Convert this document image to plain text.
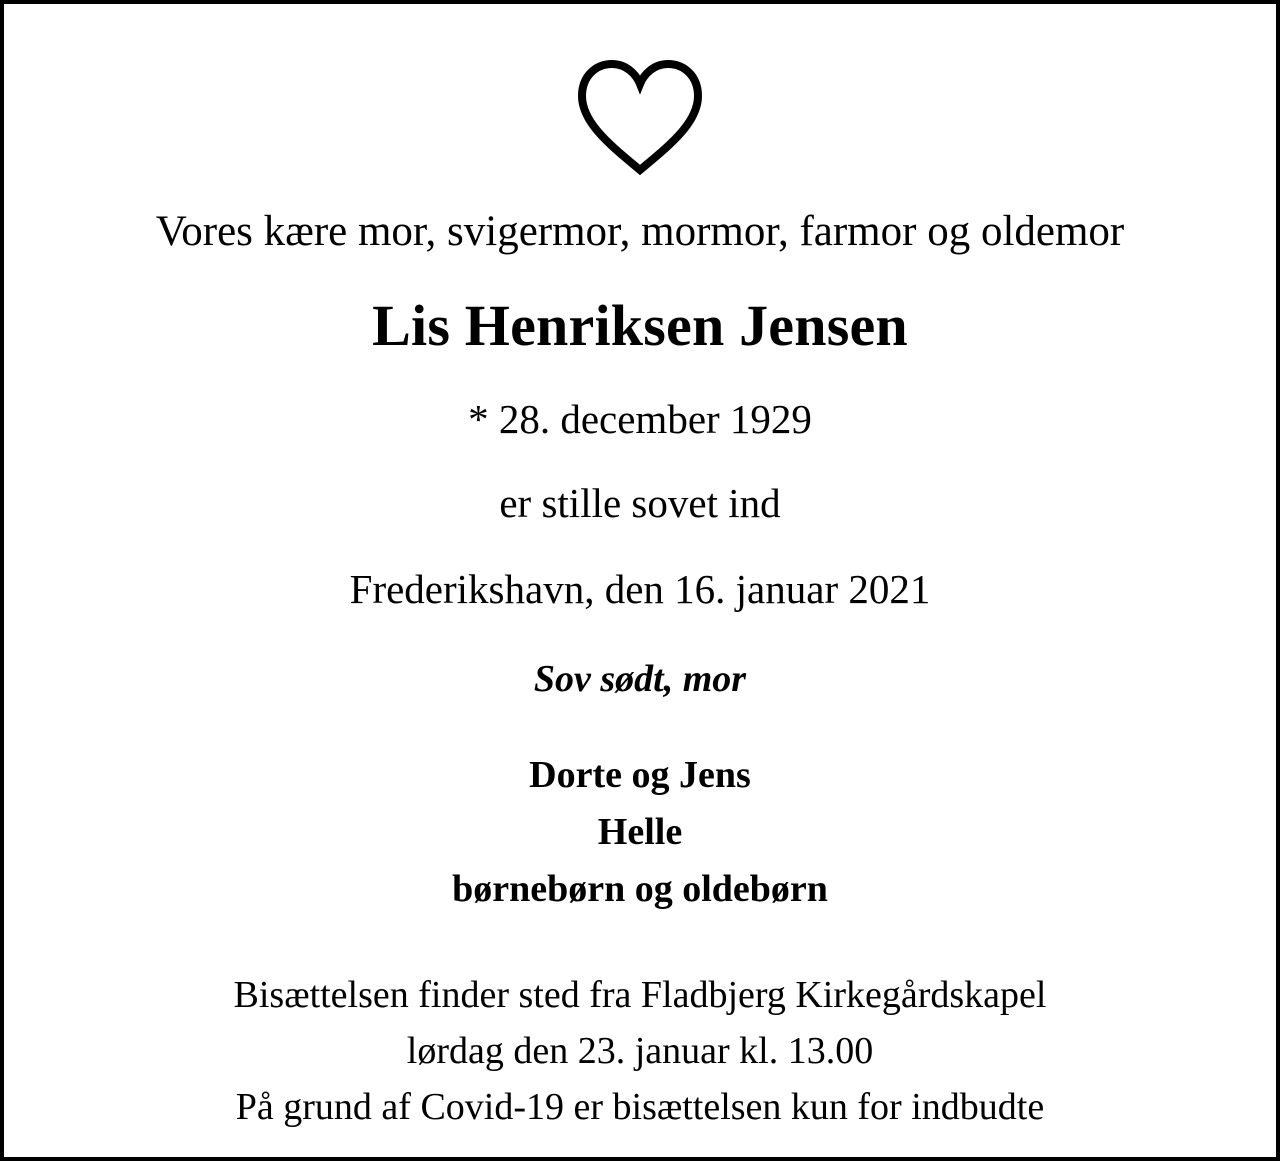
Vores kære mor, svigermor, mormor, farmor og oldemor
Lis Henriksen Jensen
* 28. december 1929
er stille sovet ind
Frederikshavn, den 16. januar 2021
Sov sødt, mor
Dorte og Jens
Helle
børnebørn og oldebørn
Bisættelsen finder sted fra Fladbjerg Kirkegårdskapel
lørdag den 23. januar kl. 13.00
På grund af Covid-19 er bisættelsen kun for indbudte
